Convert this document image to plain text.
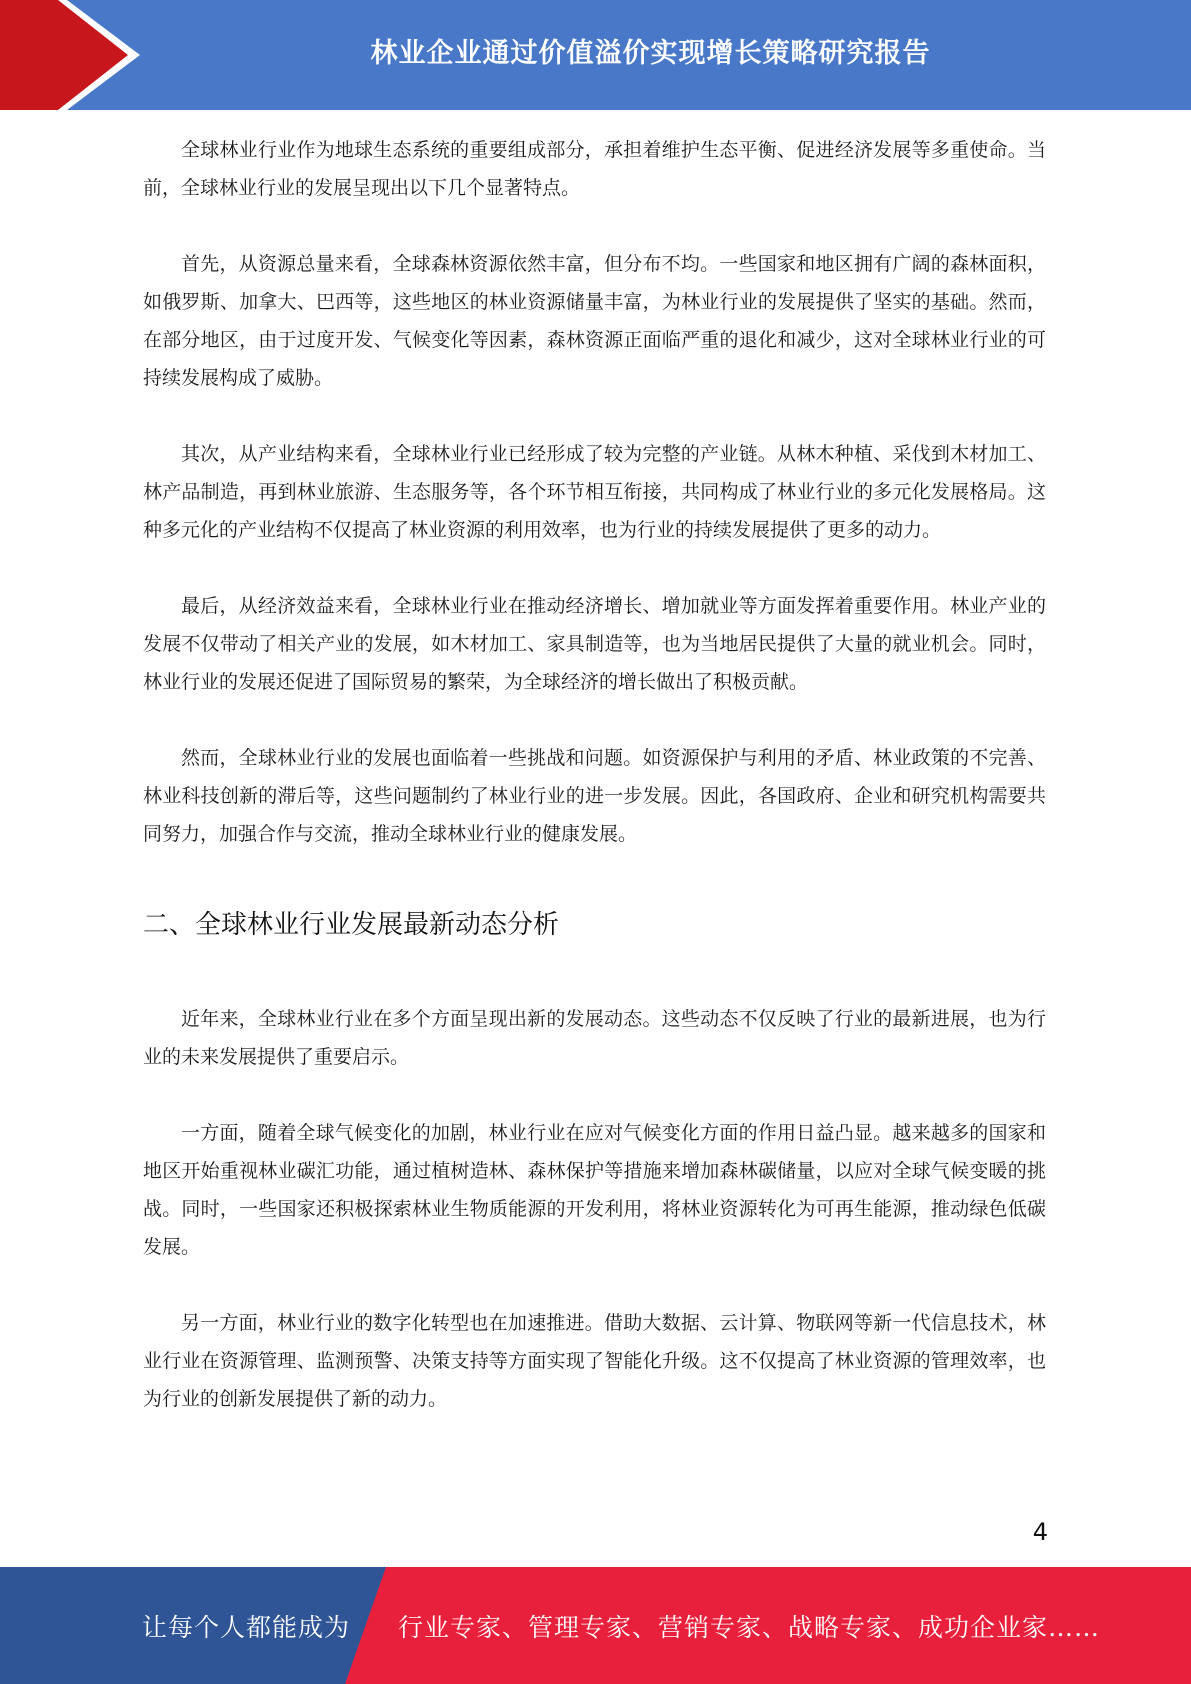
林业企业通过价值溢价实现增长策略研究报告

全球林业行业作为地球生态系统的重要组成部分，承担着维护生态平衡、促进经济发展等多重使命。当前，全球林业行业的发展呈现出以下几个显著特点。

首先，从资源总量来看，全球森林资源依然丰富，但分布不均。一些国家和地区拥有广阔的森林面积，如俄罗斯、加拿大、巴西等，这些地区的林业资源储量丰富，为林业行业的发展提供了坚实的基础。然而，在部分地区，由于过度开发、气候变化等因素，森林资源正面临严重的退化和减少，这对全球林业行业的可持续发展构成了威胁。

其次，从产业结构来看，全球林业行业已经形成了较为完整的产业链。从林木种植、采伐到木材加工、林产品制造，再到林业旅游、生态服务等，各个环节相互衔接，共同构成了林业行业的多元化发展格局。这种多元化的产业结构不仅提高了林业资源的利用效率，也为行业的持续发展提供了更多的动力。

最后，从经济效益来看，全球林业行业在推动经济增长、增加就业等方面发挥着重要作用。林业产业的发展不仅带动了相关产业的发展，如木材加工、家具制造等，也为当地居民提供了大量的就业机会。同时，林业行业的发展还促进了国际贸易的繁荣，为全球经济的增长做出了积极贡献。

然而，全球林业行业的发展也面临着一些挑战和问题。如资源保护与利用的矛盾、林业政策的不完善、林业科技创新的滞后等，这些问题制约了林业行业的进一步发展。因此，各国政府、企业和研究机构需要共同努力，加强合作与交流，推动全球林业行业的健康发展。

二、全球林业行业发展最新动态分析

近年来，全球林业行业在多个方面呈现出新的发展动态。这些动态不仅反映了行业的最新进展，也为行业的未来发展提供了重要启示。

一方面，随着全球气候变化的加剧，林业行业在应对气候变化方面的作用日益凸显。越来越多的国家和地区开始重视林业碳汇功能，通过植树造林、森林保护等措施来增加森林碳储量，以应对全球气候变暖的挑战。同时，一些国家还积极探索林业生物质能源的开发利用，将林业资源转化为可再生能源，推动绿色低碳发展。

另一方面，林业行业的数字化转型也在加速推进。借助大数据、云计算、物联网等新一代信息技术，林业行业在资源管理、监测预警、决策支持等方面实现了智能化升级。这不仅提高了林业资源的管理效率，也为行业的创新发展提供了新的动力。

4
让每个人都能成为 行业专家、管理专家、营销专家、战略专家、成功企业家……
